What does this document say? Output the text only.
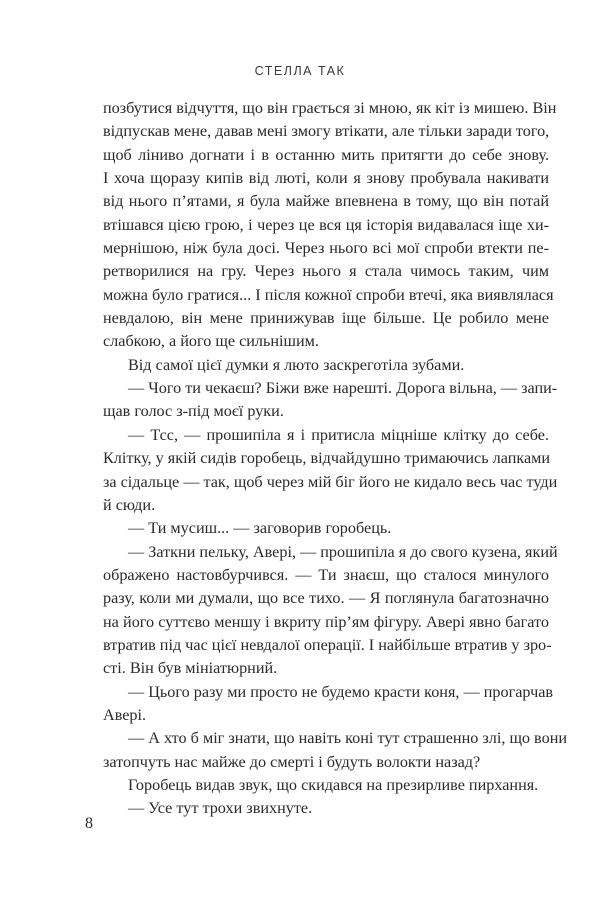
СТЕЛЛА ТАК
позбутися відчуття, що він грається зі мною, як кіт із мишею. Він
відпускав мене, давав мені змогу втікати, але тільки заради того,
щоб ліниво догнати і в останню мить притягти до себе знову.
І хоча щоразу кипів від люті, коли я знову пробувала накивати
від нього п’ятами, я була майже впевнена в тому, що він потай
втішався цією грою, і через це вся ця історія видавалася іще хи-
мернішою, ніж була досі. Через нього всі мої спроби втекти пе-
ретворилися на гру. Через нього я стала чимось таким, чим
можна було гратися... І після кожної спроби втечі, яка виявлялася
невдалою, він мене принижував іще більше. Це робило мене
слабкою, а його ще сильнішим.
Від самої цієї думки я люто заскреготіла зубами.
— Чого ти чекаєш? Біжи вже нарешті. Дорога вільна, — запи-
щав голос з-під моєї руки.
— Тсс, — прошипіла я і притисла міцніше клітку до себе.
Клітку, у якій сидів горобець, відчайдушно тримаючись лапками
за сідальце — так, щоб через мій біг його не кидало весь час туди
й сюди.
— Ти мусиш... — заговорив горобець.
— Заткни пельку, Авері, — прошипіла я до свого кузена, який
ображено настовбурчився. — Ти знаєш, що сталося минулого
разу, коли ми думали, що все тихо. — Я поглянула багатозначно
на його суттєво меншу і вкриту пір’ям фігуру. Авері явно багато
втратив під час цієї невдалої операції. І найбільше втратив у зро-
сті. Він був мініатюрний.
— Цього разу ми просто не будемо красти коня, — прогарчав
Авері.
— А хто б міг знати, що навіть коні тут страшенно злі, що вони
затопчуть нас майже до смерті і будуть волокти назад?
Горобець видав звук, що скидався на презирливе пирхання.
— Усе тут трохи звихнуте.
8
